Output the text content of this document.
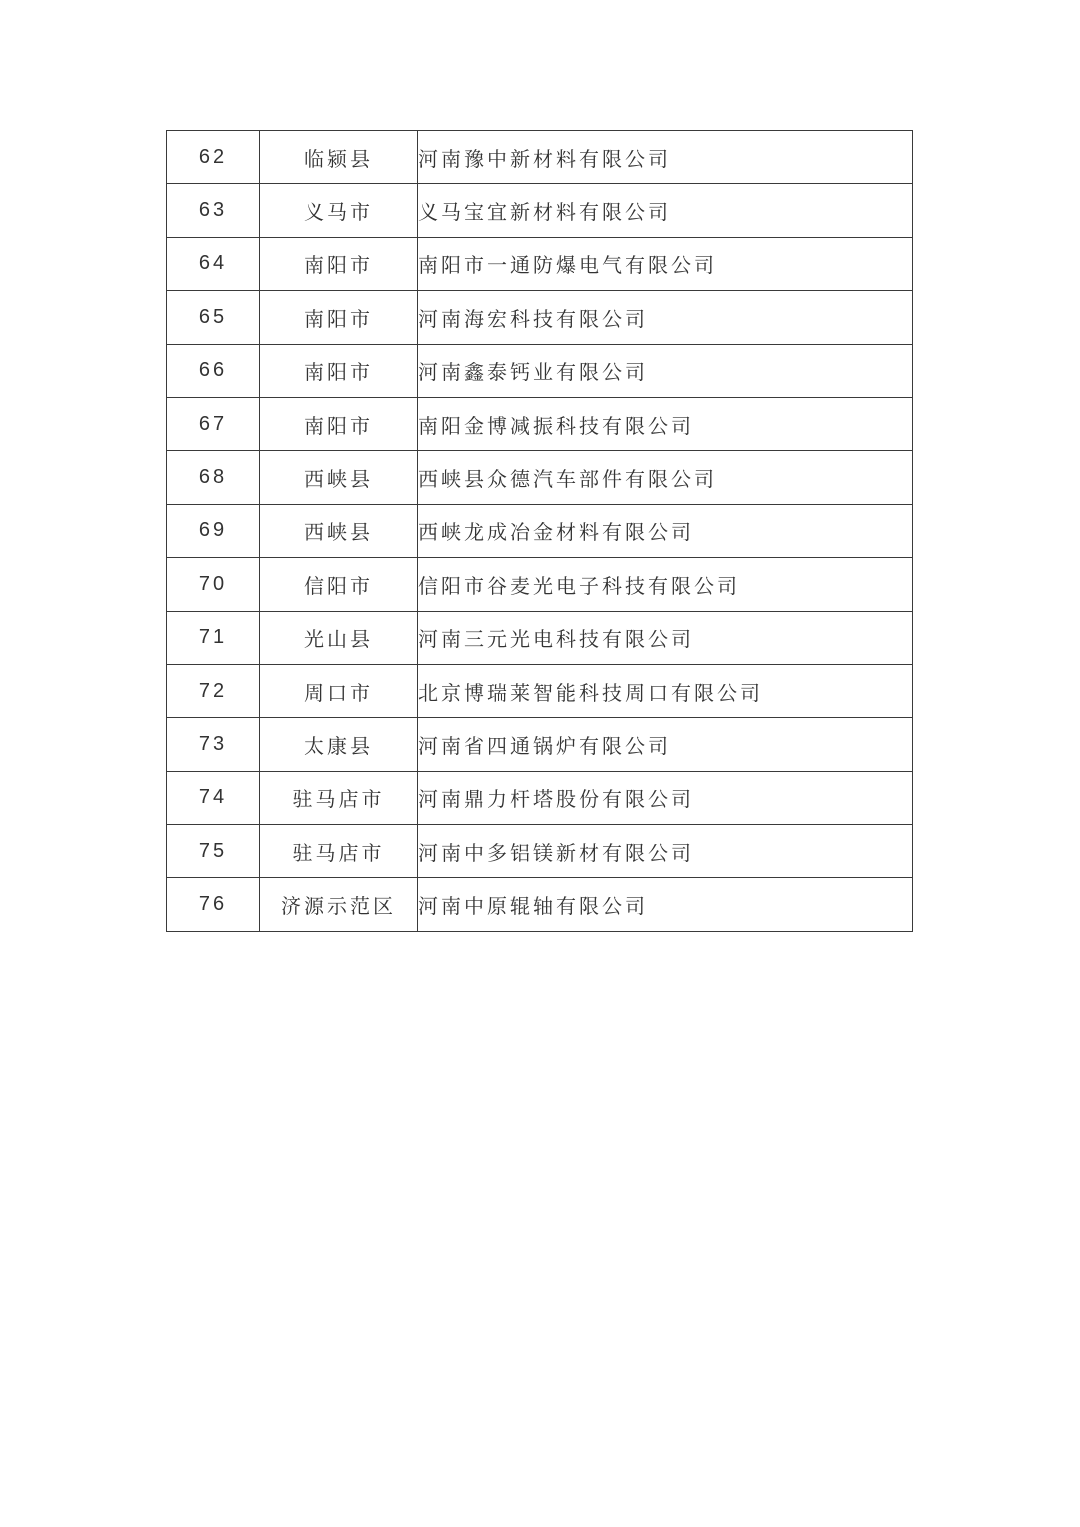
62	临颍县	河南豫中新材料有限公司
63	义马市	义马宝宜新材料有限公司
64	南阳市	南阳市一通防爆电气有限公司
65	南阳市	河南海宏科技有限公司
66	南阳市	河南鑫泰钙业有限公司
67	南阳市	南阳金博减振科技有限公司
68	西峡县	西峡县众德汽车部件有限公司
69	西峡县	西峡龙成冶金材料有限公司
70	信阳市	信阳市谷麦光电子科技有限公司
71	光山县	河南三元光电科技有限公司
72	周口市	北京博瑞莱智能科技周口有限公司
73	太康县	河南省四通锅炉有限公司
74	驻马店市	河南鼎力杆塔股份有限公司
75	驻马店市	河南中多铝镁新材有限公司
76	济源示范区	河南中原辊轴有限公司
